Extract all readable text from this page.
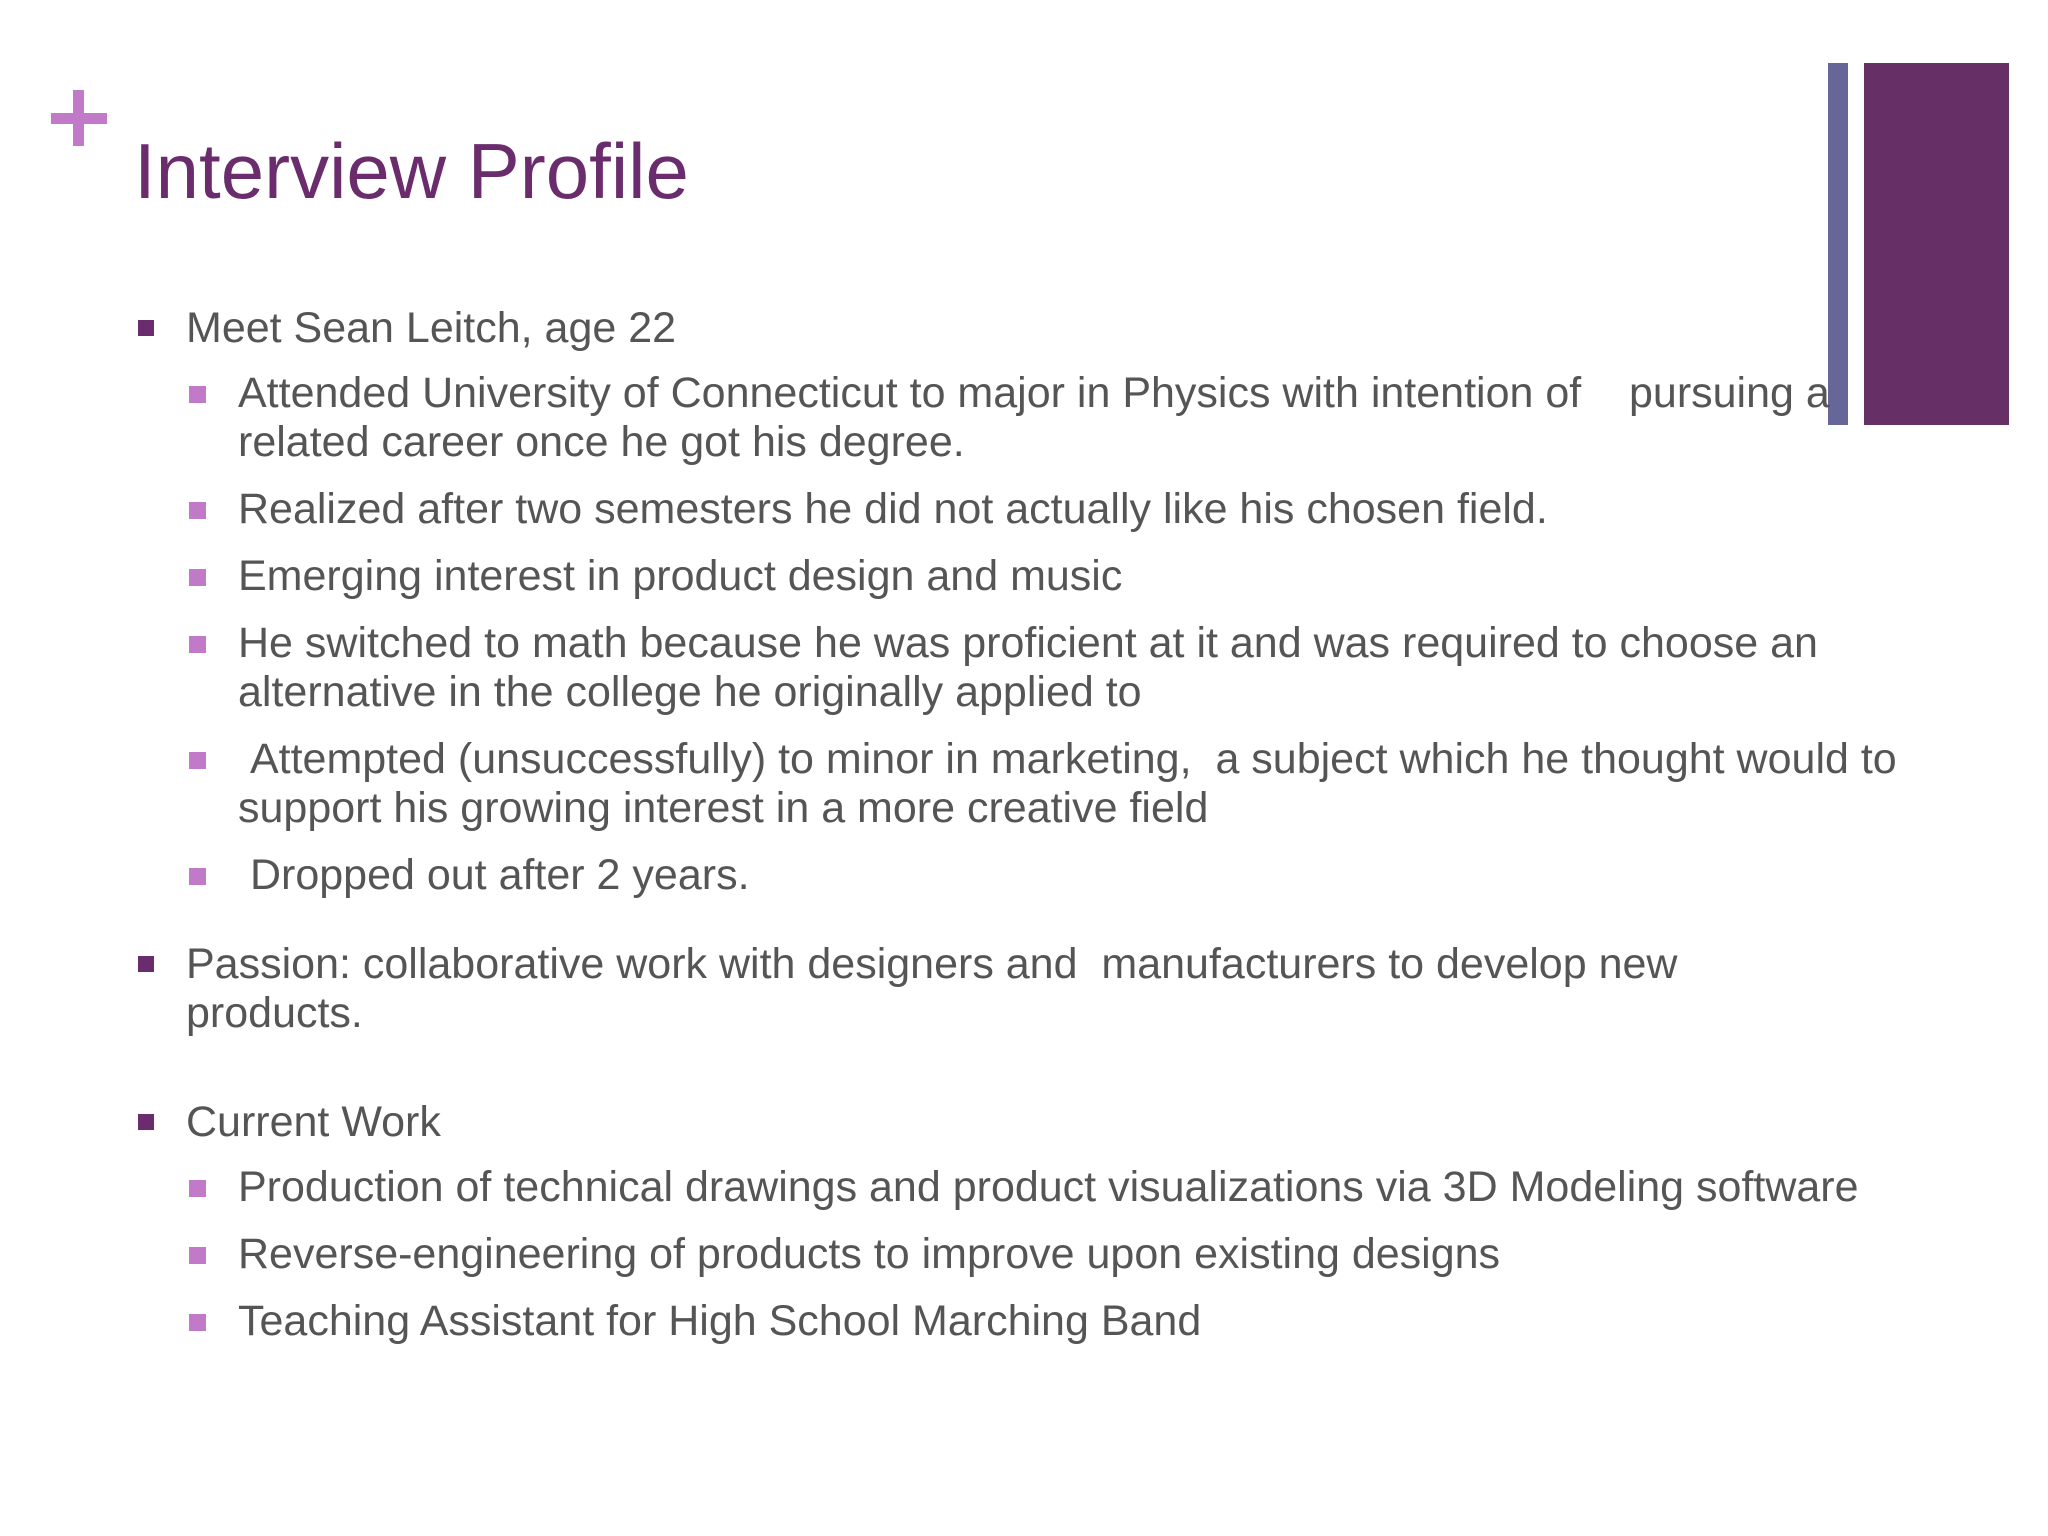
Interview Profile
Meet Sean Leitch, age 22
Attended University of Connecticut to major in Physics with intention of    pursuing a related career once he got his degree.
Realized after two semesters he did not actually like his chosen field.
Emerging interest in product design and music
He switched to math because he was proficient at it and was required to choose an alternative in the college he originally applied to
Attempted (unsuccessfully) to minor in marketing,  a subject which he thought would to support his growing interest in a more creative field
Dropped out after 2 years.
Passion: collaborative work with designers and  manufacturers to develop new products.
Current Work
Production of technical drawings and product visualizations via 3D Modeling software
Reverse-engineering of products to improve upon existing designs
Teaching Assistant for High School Marching Band
